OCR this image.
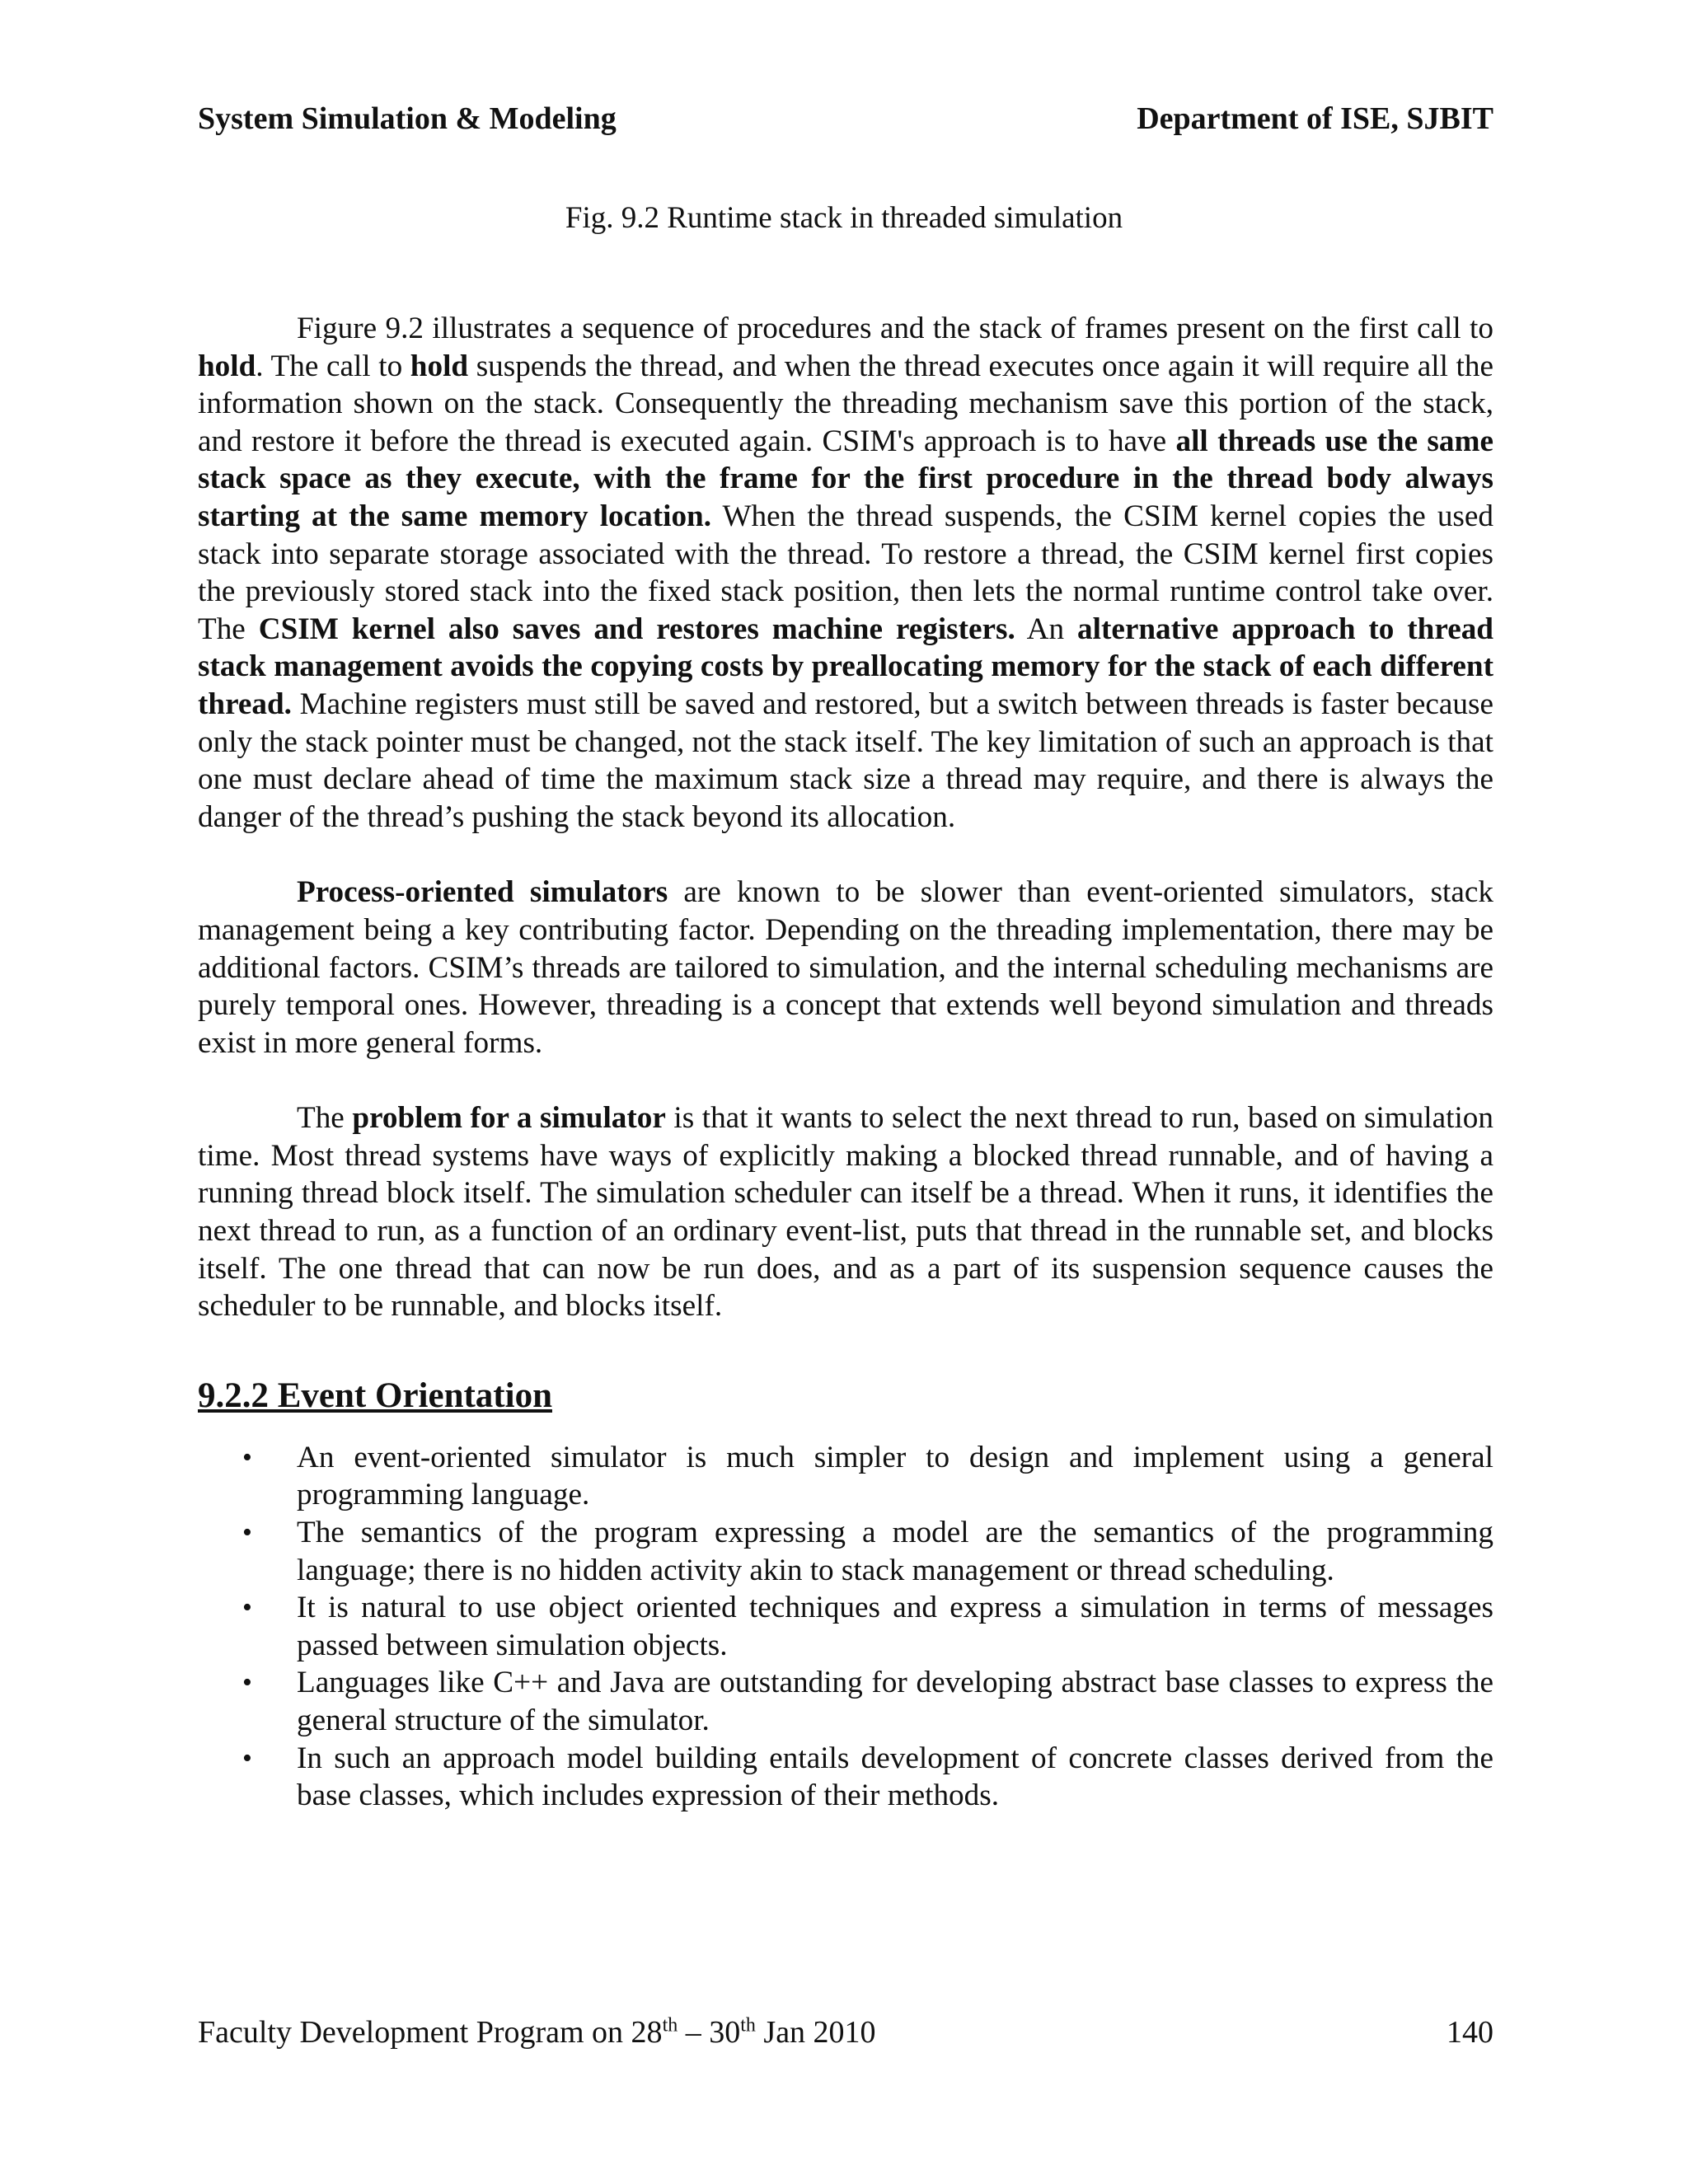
System Simulation & Modeling	Department of ISE, SJBIT
Fig. 9.2 Runtime stack in threaded simulation

Figure 9.2 illustrates a sequence of procedures and the stack of frames present on the first call to hold. The call to hold suspends the thread, and when the thread executes once again it will require all the information shown on the stack. Consequently the threading mechanism save this portion of the stack, and restore it before the thread is executed again. CSIM's approach is to have all threads use the same stack space as they execute, with the frame for the first procedure in the thread body always starting at the same memory location. When the thread suspends, the CSIM kernel copies the used stack into separate storage associated with the thread. To restore a thread, the CSIM kernel first copies the previously stored stack into the fixed stack position, then lets the normal runtime control take over. The CSIM kernel also saves and restores machine registers. An alternative approach to thread stack management avoids the copying costs by preallocating memory for the stack of each different thread. Machine registers must still be saved and restored, but a switch between threads is faster because only the stack pointer must be changed, not the stack itself. The key limitation of such an approach is that one must declare ahead of time the maximum stack size a thread may require, and there is always the danger of the thread’s pushing the stack beyond its allocation.

Process-oriented simulators are known to be slower than event-oriented simulators, stack management being a key contributing factor. Depending on the threading implementation, there may be additional factors. CSIM’s threads are tailored to simulation, and the internal scheduling mechanisms are purely temporal ones. However, threading is a concept that extends well beyond simulation and threads exist in more general forms.

The problem for a simulator is that it wants to select the next thread to run, based on simulation time. Most thread systems have ways of explicitly making a blocked thread runnable, and of having a running thread block itself. The simulation scheduler can itself be a thread. When it runs, it identifies the next thread to run, as a function of an ordinary event-list, puts that thread in the runnable set, and blocks itself. The one thread that can now be run does, and as a part of its suspension sequence causes the scheduler to be runnable, and blocks itself.

9.2.2 Event Orientation
• An event-oriented simulator is much simpler to design and implement using a general programming language.
• The semantics of the program expressing a model are the semantics of the programming language; there is no hidden activity akin to stack management or thread scheduling.
• It is natural to use object oriented techniques and express a simulation in terms of messages passed between simulation objects.
• Languages like C++ and Java are outstanding for developing abstract base classes to express the general structure of the simulator.
• In such an approach model building entails development of concrete classes derived from the base classes, which includes expression of their methods.
Faculty Development Program on 28th – 30th Jan 2010	140
